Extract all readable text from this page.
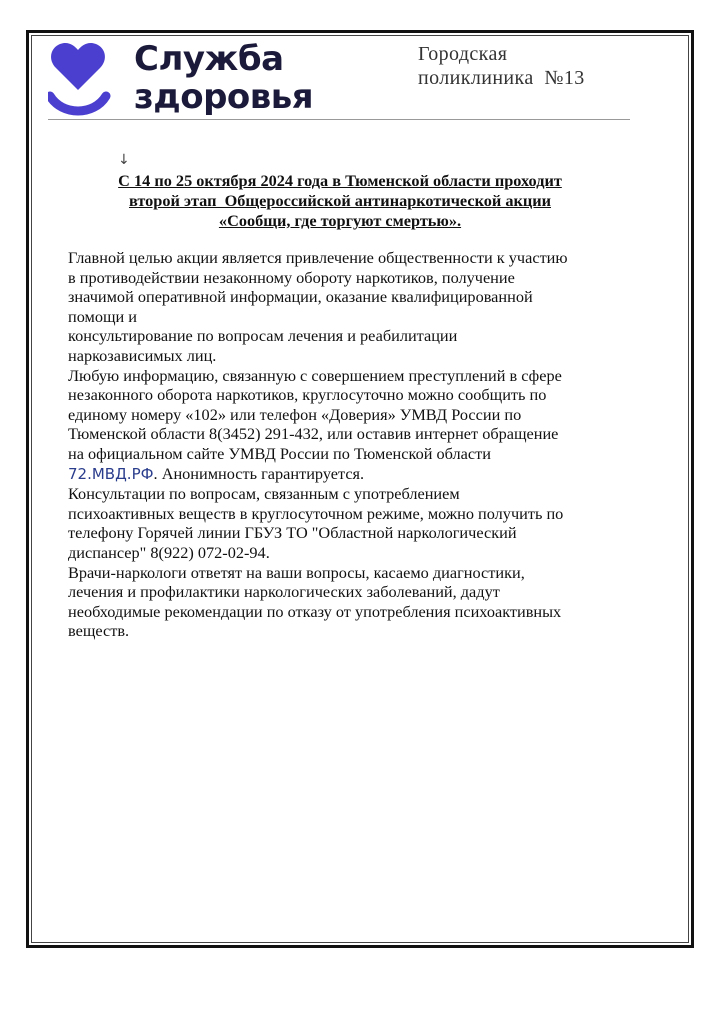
Служба
здоровья
Городская
поликлиника  №13
↓
С 14 по 25 октября 2024 года в Тюменской области проходит
второй этап  Общероссийской антинаркотической акции
«Сообщи, где торгуют смертью».

Главной целью акции является привлечение общественности к участию
в противодействии незаконному обороту наркотиков, получение
значимой оперативной информации, оказание квалифицированной
помощи и
консультирование по вопросам лечения и реабилитации
наркозависимых лиц.

Любую информацию, связанную с совершением преступлений в сфере
незаконного оборота наркотиков, круглосуточно можно сообщить по
единому номеру «102» или телефон «Доверия» УМВД России по
Тюменской области 8(3452) 291-432, или оставив интернет обращение
на официальном сайте УМВД России по Тюменской области
72.МВД.РФ. Анонимность гарантируется.

Консультации по вопросам, связанным с употреблением
психоактивных веществ в круглосуточном режиме, можно получить по
телефону Горячей линии ГБУЗ ТО "Областной наркологический
диспансер" 8(922) 072-02-94.

Врачи-наркологи ответят на ваши вопросы, касаемо диагностики,
лечения и профилактики наркологических заболеваний, дадут
необходимые рекомендации по отказу от употребления психоактивных
веществ.
